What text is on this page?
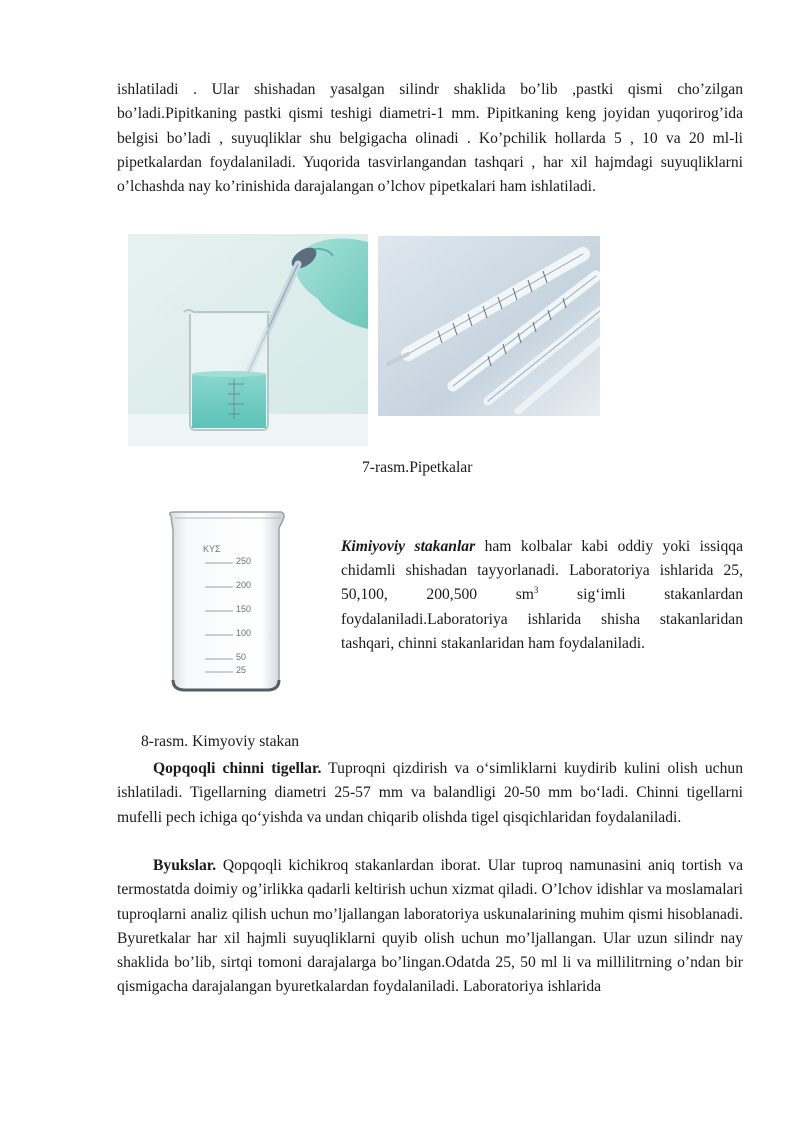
ishlatiladi . Ular shishadan yasalgan silindr shaklida bo’lib ,pastki qismi cho’zilgan bo’ladi.Pipitkaning pastki qismi teshigi diametri-1 mm. Pipitkaning keng joyidan yuqorirog’ida belgisi bo’ladi , suyuqliklar shu belgigacha olinadi . Ko’pchilik hollarda 5 , 10 va 20 ml-li pipetkalardan foydalaniladi. Yuqorida tasvirlangandan tashqari , har xil hajmdagi suyuqliklarni o’lchashda nay ko’rinishida darajalangan o’lchov pipetkalari ham ishlatiladi.

7-rasm.Pipetkalar

ΚΥΣ
250
200
150
100
50
25

Kimiyoviy stakanlar ham kolbalar kabi oddiy yoki issiqqa chidamli shishadan tayyorlanadi. Laboratoriya ishlarida 25, 50,100, 200,500 $sm^3$ sig‘imli stakanlardan foydalaniladi.Laboratoriya ishlarida shisha stakanlaridan tashqari, chinni stakanlaridan ham foydalaniladi.

8-rasm. Kimyoviy stakan

Qopqoqli chinni tigellar. Tuproqni qizdirish va o‘simliklarni kuydirib kulini olish uchun ishlatiladi. Tigellarning diametri 25-57 mm va balandligi 20-50 mm bo‘ladi. Chinni tigellarni mufelli pech ichiga qo‘yishda va undan chiqarib olishda tigel qisqichlaridan foydalaniladi.

Byukslar. Qopqoqli kichikroq stakanlardan iborat. Ular tuproq namunasini aniq tortish va termostatda doimiy og’irlikka qadarli keltirish uchun xizmat qiladi. O’lchov idishlar va moslamalari tuproqlarni analiz qilish uchun mo’ljallangan laboratoriya uskunalarining muhim qismi hisoblanadi. Byuretkalar har xil hajmli suyuqliklarni quyib olish uchun mo’ljallangan. Ular uzun silindr nay shaklida bo’lib, sirtqi tomoni darajalarga bo’lingan.Odatda 25, 50 ml li va millilitrning o’ndan bir qismigacha darajalangan byuretkalardan foydalaniladi. Laboratoriya ishlarida
